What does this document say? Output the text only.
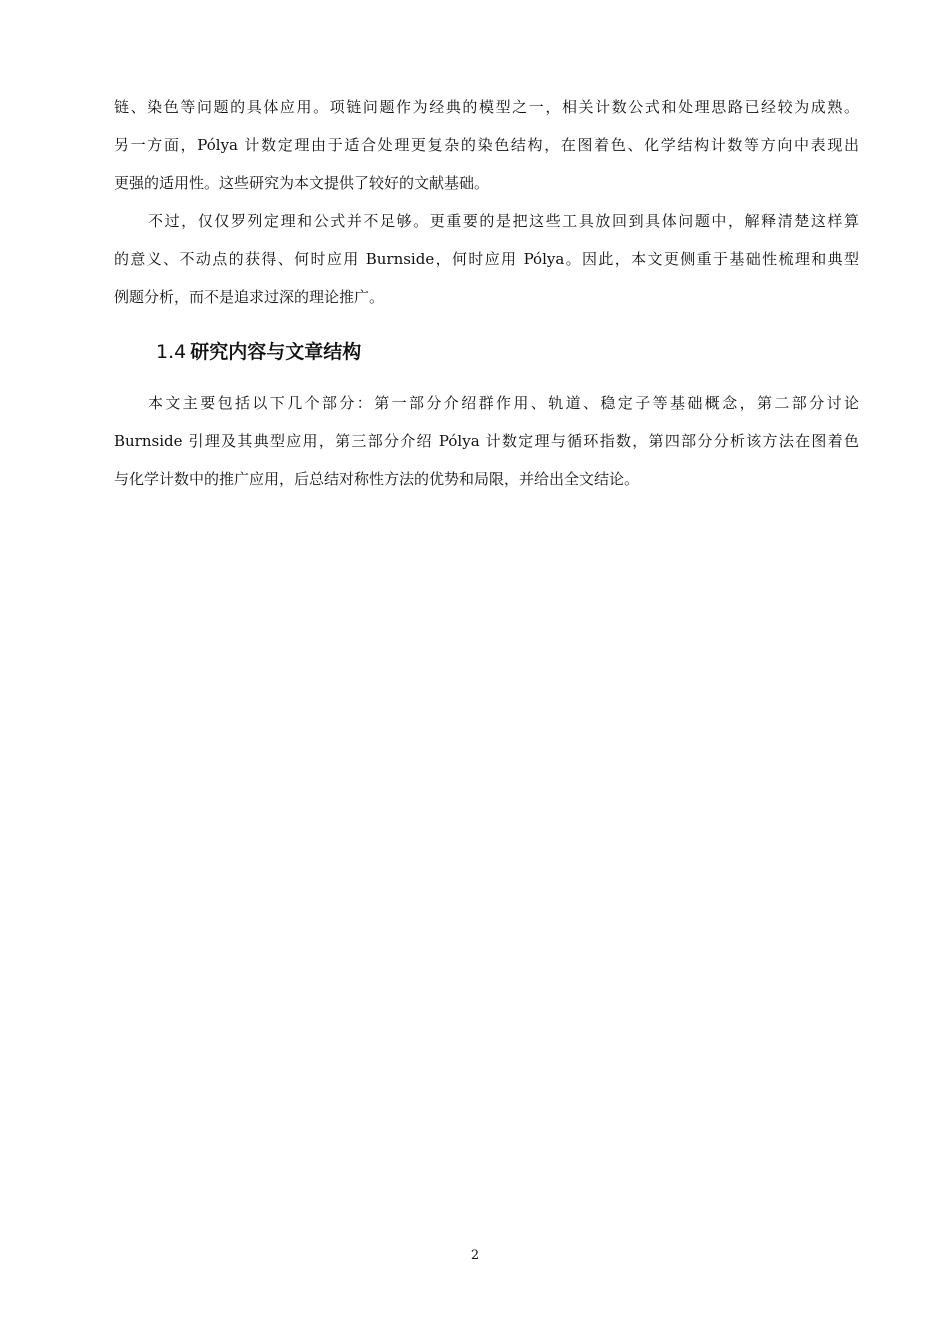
链、染色等问题的具体应用。项链问题作为经典的模型之一，相关计数公式和处理思路已经较为成熟。
另一方面，Pólya 计数定理由于适合处理更复杂的染色结构，在图着色、化学结构计数等方向中表现出
更强的适用性。这些研究为本文提供了较好的文献基础。
不过，仅仅罗列定理和公式并不足够。更重要的是把这些工具放回到具体问题中，解释清楚这样算
的意义、不动点的获得、何时应用 Burnside，何时应用 Pólya。因此，本文更侧重于基础性梳理和典型
例题分析，而不是追求过深的理论推广。
1.4 研究内容与文章结构
本文主要包括以下几个部分：第一部分介绍群作用、轨道、稳定子等基础概念，第二部分讨论
Burnside 引理及其典型应用，第三部分介绍 Pólya 计数定理与循环指数，第四部分分析该方法在图着色
与化学计数中的推广应用，后总结对称性方法的优势和局限，并给出全文结论。
2
